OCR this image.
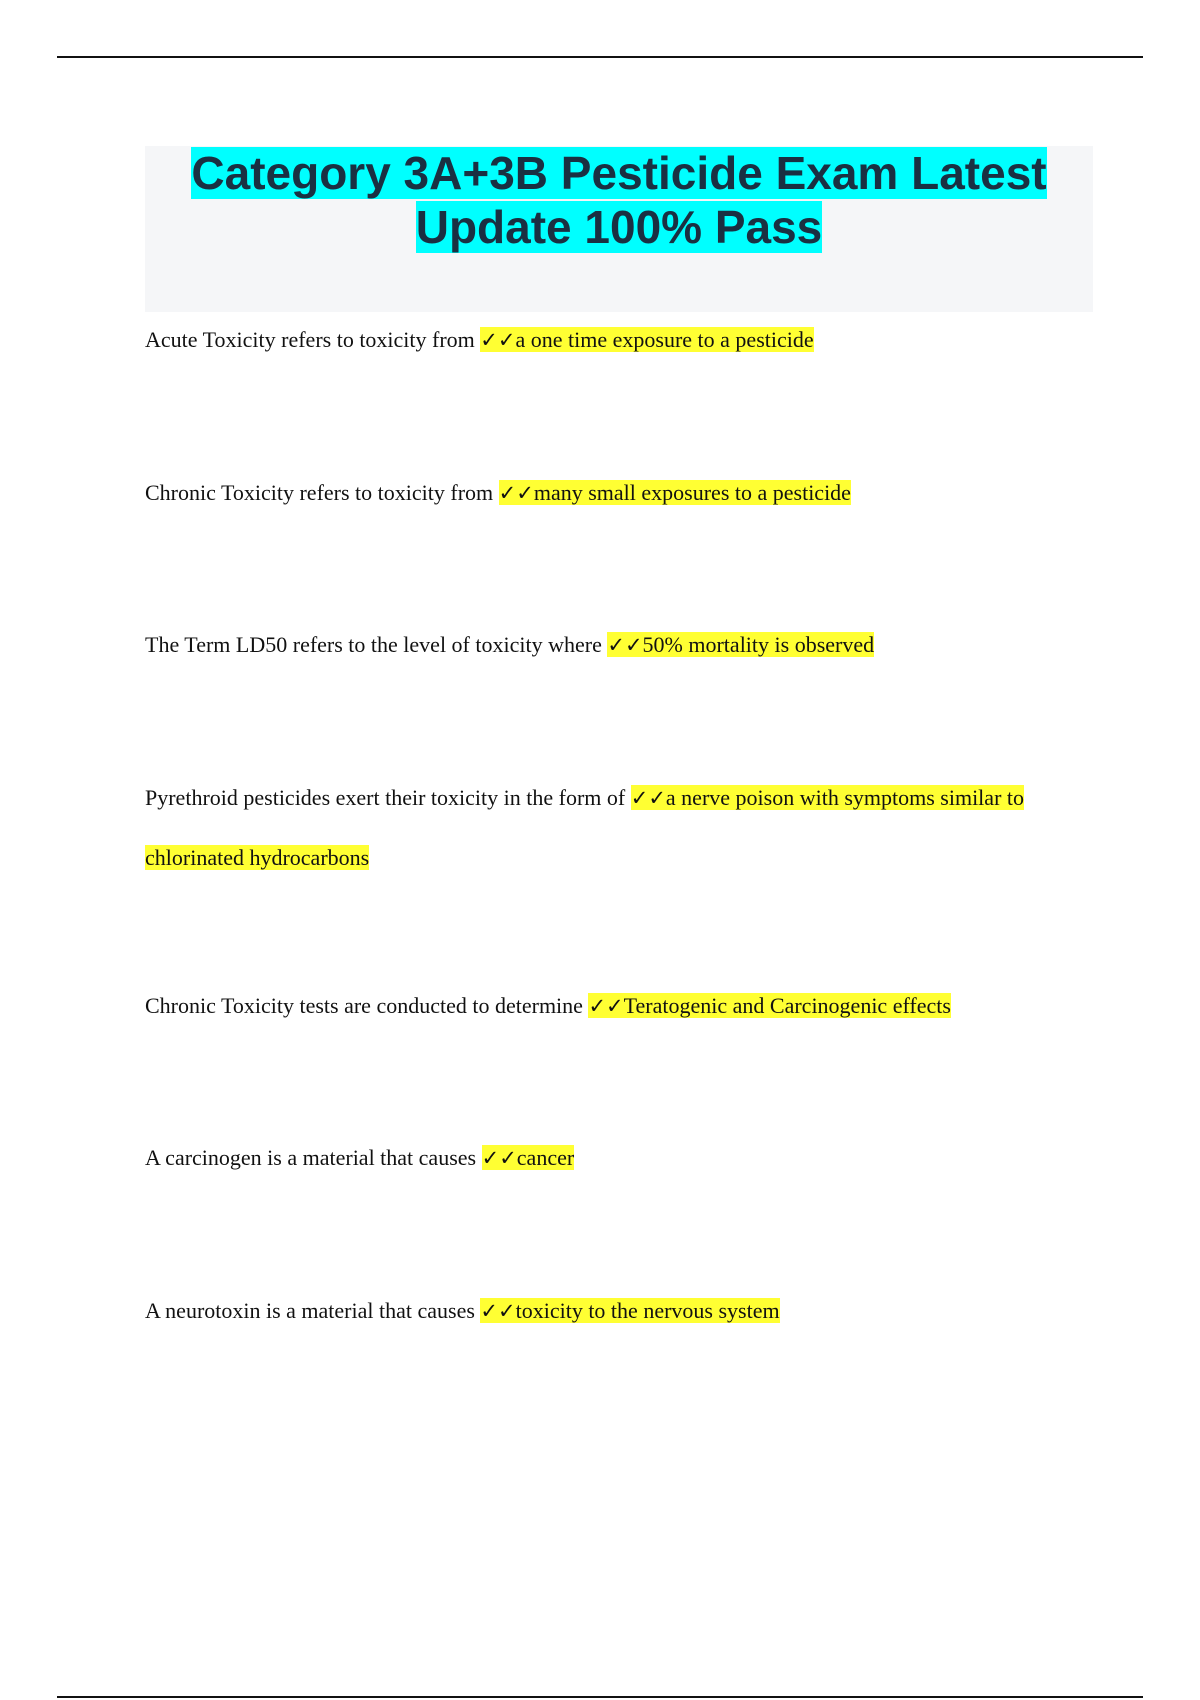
Category 3A+3B Pesticide Exam Latest
Update 100% Pass
Acute Toxicity refers to toxicity from ✓✓a one time exposure to a pesticide
Chronic Toxicity refers to toxicity from ✓✓many small exposures to a pesticide
The Term LD50 refers to the level of toxicity where ✓✓50% mortality is observed
Pyrethroid pesticides exert their toxicity in the form of ✓✓a nerve poison with symptoms similar to chlorinated hydrocarbons
Chronic Toxicity tests are conducted to determine ✓✓Teratogenic and Carcinogenic effects
A carcinogen is a material that causes ✓✓cancer
A neurotoxin is a material that causes ✓✓toxicity to the nervous system
